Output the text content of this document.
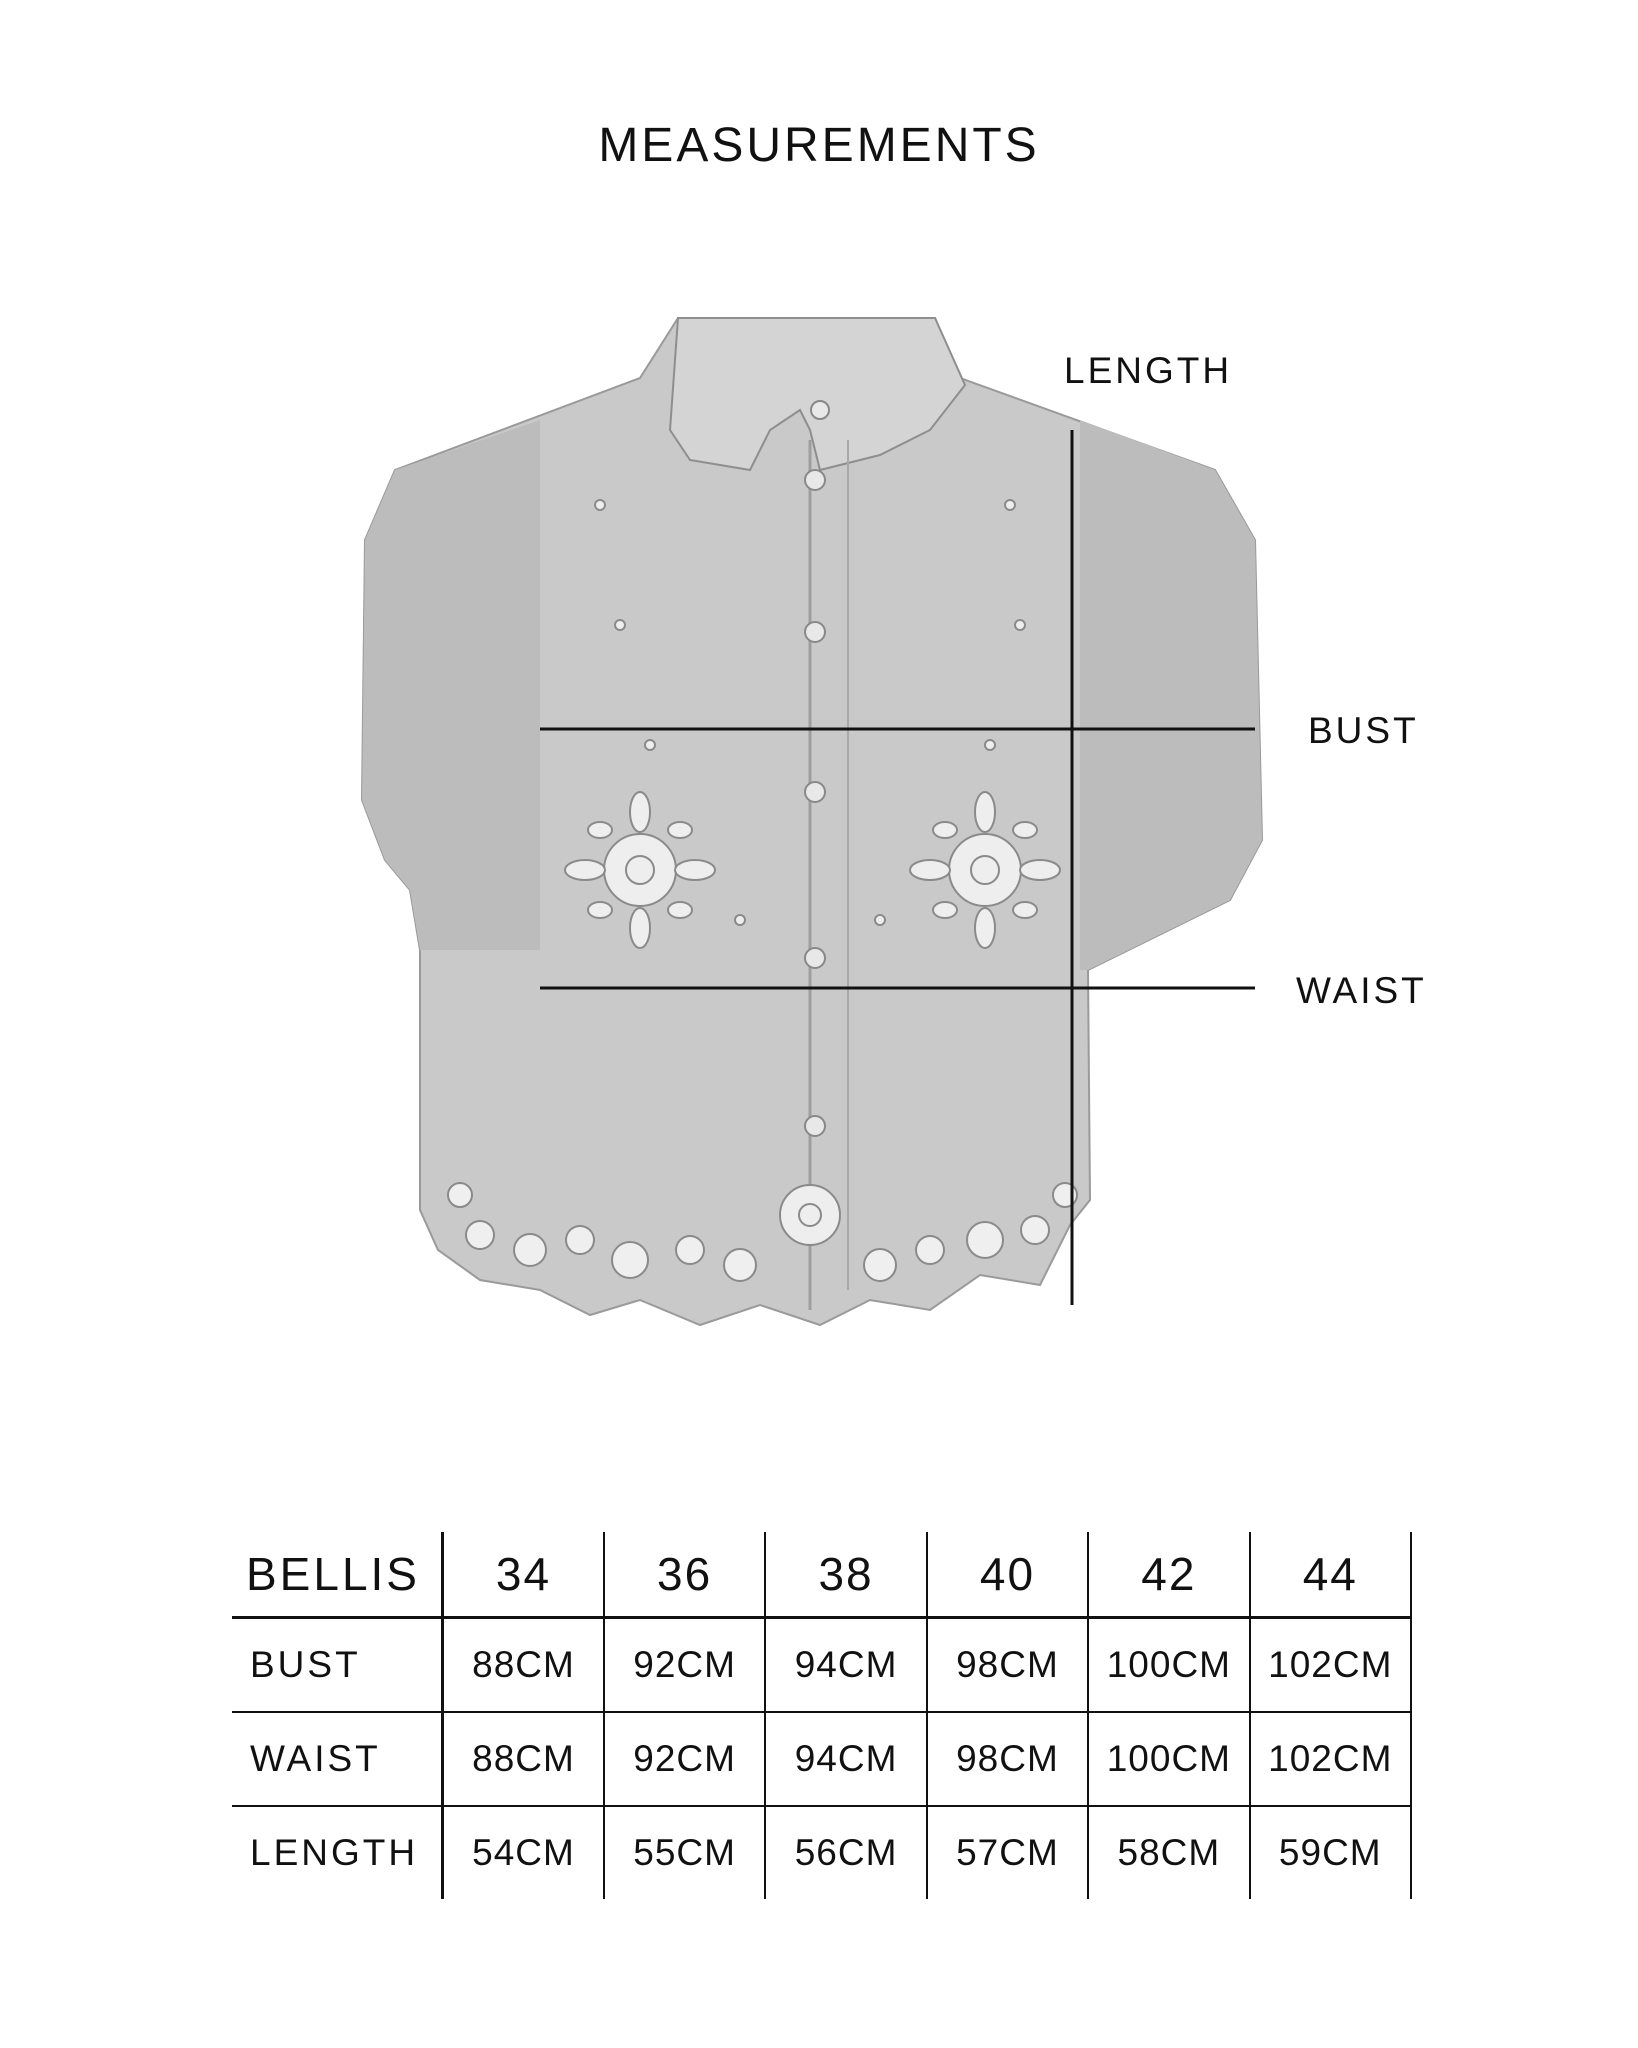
MEASUREMENTS
LENGTH
BUST
WAIST
BELLIS	34	36	38	40	42	44
BUST	88CM	92CM	94CM	98CM	100CM	102CM
WAIST	88CM	92CM	94CM	98CM	100CM	102CM
LENGTH	54CM	55CM	56CM	57CM	58CM	59CM
